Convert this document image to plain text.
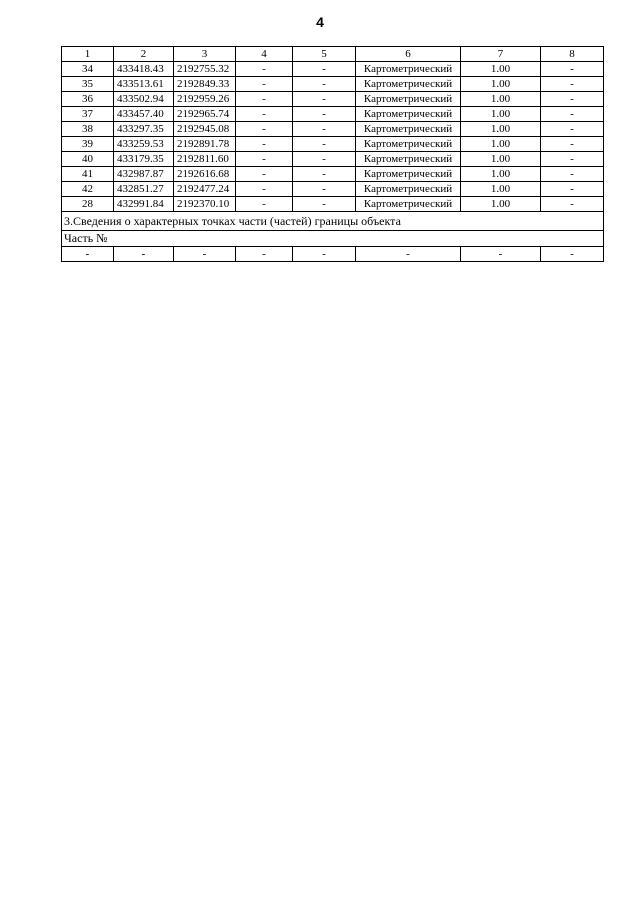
4
1	2	3	4	5	6	7	8
34	433418.43	2192755.32	-	-	Картометрический	1.00	-
35	433513.61	2192849.33	-	-	Картометрический	1.00	-
36	433502.94	2192959.26	-	-	Картометрический	1.00	-
37	433457.40	2192965.74	-	-	Картометрический	1.00	-
38	433297.35	2192945.08	-	-	Картометрический	1.00	-
39	433259.53	2192891.78	-	-	Картометрический	1.00	-
40	433179.35	2192811.60	-	-	Картометрический	1.00	-
41	432987.87	2192616.68	-	-	Картометрический	1.00	-
42	432851.27	2192477.24	-	-	Картометрический	1.00	-
28	432991.84	2192370.10	-	-	Картометрический	1.00	-
3.Сведения о характерных точках части (частей) границы объекта							
Часть №							
-	-	-	-	-	-	-	-
